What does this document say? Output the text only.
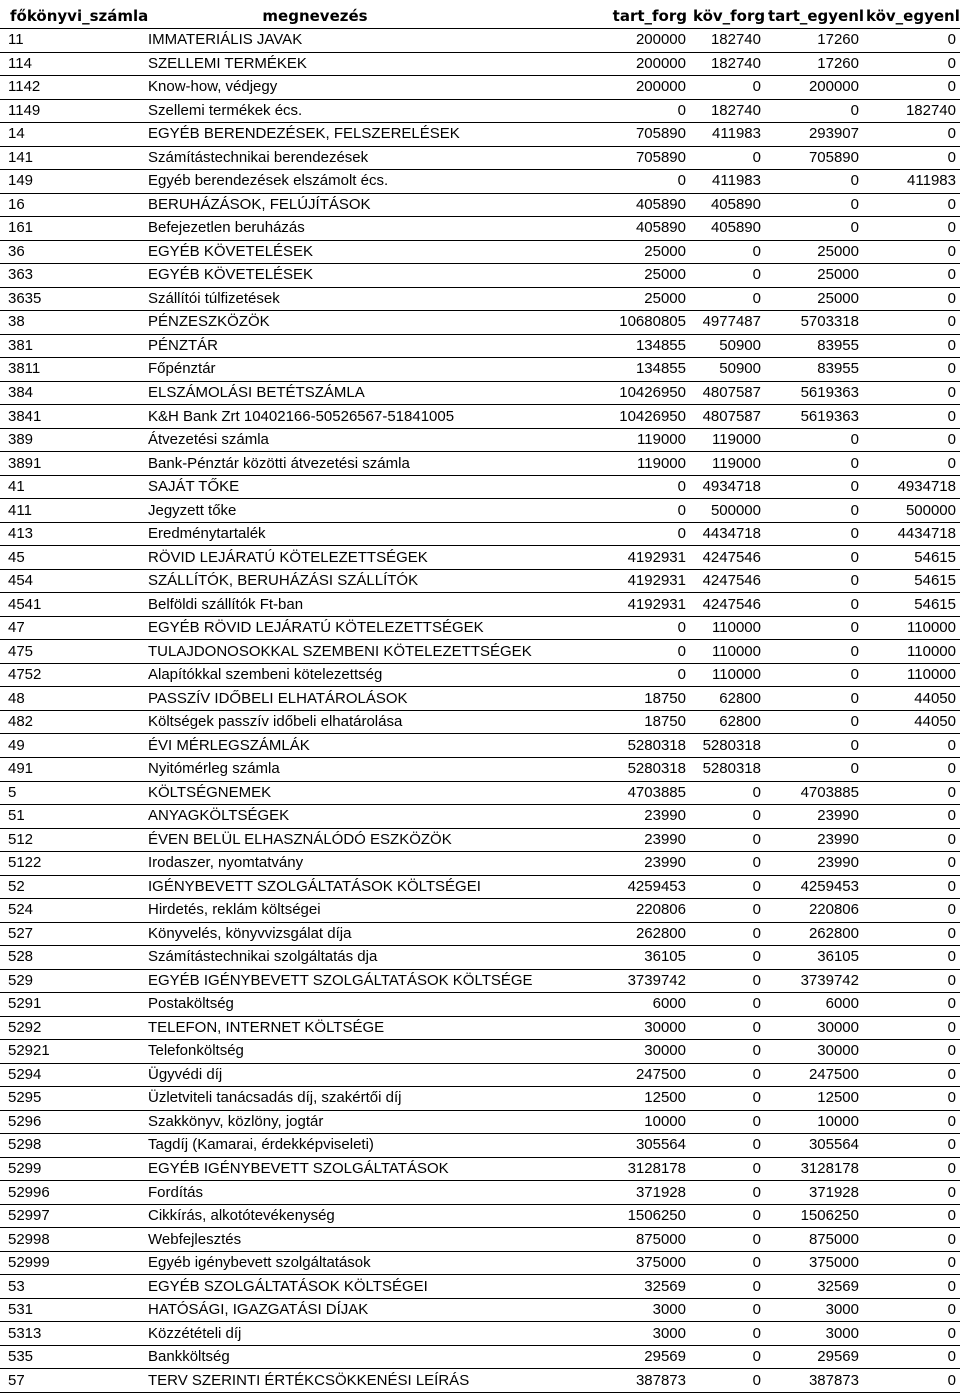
főkönyvi_számla	megnevezés	tart_forg	köv_forg	tart_egyenl	köv_egyenl
11	IMMATERIÁLIS JAVAK	200000	182740	17260	0
114	SZELLEMI TERMÉKEK	200000	182740	17260	0
1142	Know-how, védjegy	200000	0	200000	0
1149	Szellemi termékek écs.	0	182740	0	182740
14	EGYÉB BERENDEZÉSEK, FELSZERELÉSEK	705890	411983	293907	0
141	Számítástechnikai berendezések	705890	0	705890	0
149	Egyéb berendezések elszámolt écs.	0	411983	0	411983
16	BERUHÁZÁSOK, FELÚJÍTÁSOK	405890	405890	0	0
161	Befejezetlen beruházás	405890	405890	0	0
36	EGYÉB KÖVETELÉSEK	25000	0	25000	0
363	EGYÉB KÖVETELÉSEK	25000	0	25000	0
3635	Szállítói túlfizetések	25000	0	25000	0
38	PÉNZESZKÖZÖK	10680805	4977487	5703318	0
381	PÉNZTÁR	134855	50900	83955	0
3811	Főpénztár	134855	50900	83955	0
384	ELSZÁMOLÁSI BETÉTSZÁMLA	10426950	4807587	5619363	0
3841	K&H Bank Zrt 10402166-50526567-51841005	10426950	4807587	5619363	0
389	Átvezetési számla	119000	119000	0	0
3891	Bank-Pénztár közötti átvezetési számla	119000	119000	0	0
41	SAJÁT TŐKE	0	4934718	0	4934718
411	Jegyzett tőke	0	500000	0	500000
413	Eredménytartalék	0	4434718	0	4434718
45	RÖVID LEJÁRATÚ KÖTELEZETTSÉGEK	4192931	4247546	0	54615
454	SZÁLLÍTÓK, BERUHÁZÁSI SZÁLLÍTÓK	4192931	4247546	0	54615
4541	Belföldi szállítók Ft-ban	4192931	4247546	0	54615
47	EGYÉB RÖVID LEJÁRATÚ KÖTELEZETTSÉGEK	0	110000	0	110000
475	TULAJDONOSOKKAL SZEMBENI KÖTELEZETTSÉGEK	0	110000	0	110000
4752	Alapítókkal szembeni kötelezettség	0	110000	0	110000
48	PASSZÍV IDŐBELI ELHATÁROLÁSOK	18750	62800	0	44050
482	Költségek passzív időbeli elhatárolása	18750	62800	0	44050
49	ÉVI MÉRLEGSZÁMLÁK	5280318	5280318	0	0
491	Nyitómérleg számla	5280318	5280318	0	0
5	KÖLTSÉGNEMEK	4703885	0	4703885	0
51	ANYAGKÖLTSÉGEK	23990	0	23990	0
512	ÉVEN BELÜL ELHASZNÁLÓDÓ ESZKÖZÖK	23990	0	23990	0
5122	Irodaszer, nyomtatvány	23990	0	23990	0
52	IGÉNYBEVETT SZOLGÁLTATÁSOK KÖLTSÉGEI	4259453	0	4259453	0
524	Hirdetés, reklám költségei	220806	0	220806	0
527	Könyvelés, könyvvizsgálat díja	262800	0	262800	0
528	Számítástechnikai szolgáltatás dja	36105	0	36105	0
529	EGYÉB IGÉNYBEVETT SZOLGÁLTATÁSOK KÖLTSÉGE	3739742	0	3739742	0
5291	Postaköltség	6000	0	6000	0
5292	TELEFON, INTERNET KÖLTSÉGE	30000	0	30000	0
52921	Telefonköltség	30000	0	30000	0
5294	Ügyvédi díj	247500	0	247500	0
5295	Üzletviteli tanácsadás díj, szakértői díj	12500	0	12500	0
5296	Szakkönyv, közlöny, jogtár	10000	0	10000	0
5298	Tagdíj (Kamarai, érdekképviseleti)	305564	0	305564	0
5299	EGYÉB IGÉNYBEVETT SZOLGÁLTATÁSOK	3128178	0	3128178	0
52996	Fordítás	371928	0	371928	0
52997	Cikkírás, alkotótevékenység	1506250	0	1506250	0
52998	Webfejlesztés	875000	0	875000	0
52999	Egyéb igénybevett szolgáltatások	375000	0	375000	0
53	EGYÉB SZOLGÁLTATÁSOK KÖLTSÉGEI	32569	0	32569	0
531	HATÓSÁGI, IGAZGATÁSI DÍJAK	3000	0	3000	0
5313	Közzétételi díj	3000	0	3000	0
535	Bankköltség	29569	0	29569	0
57	TERV SZERINTI ÉRTÉKCSÖKKENÉSI LEÍRÁS	387873	0	387873	0
